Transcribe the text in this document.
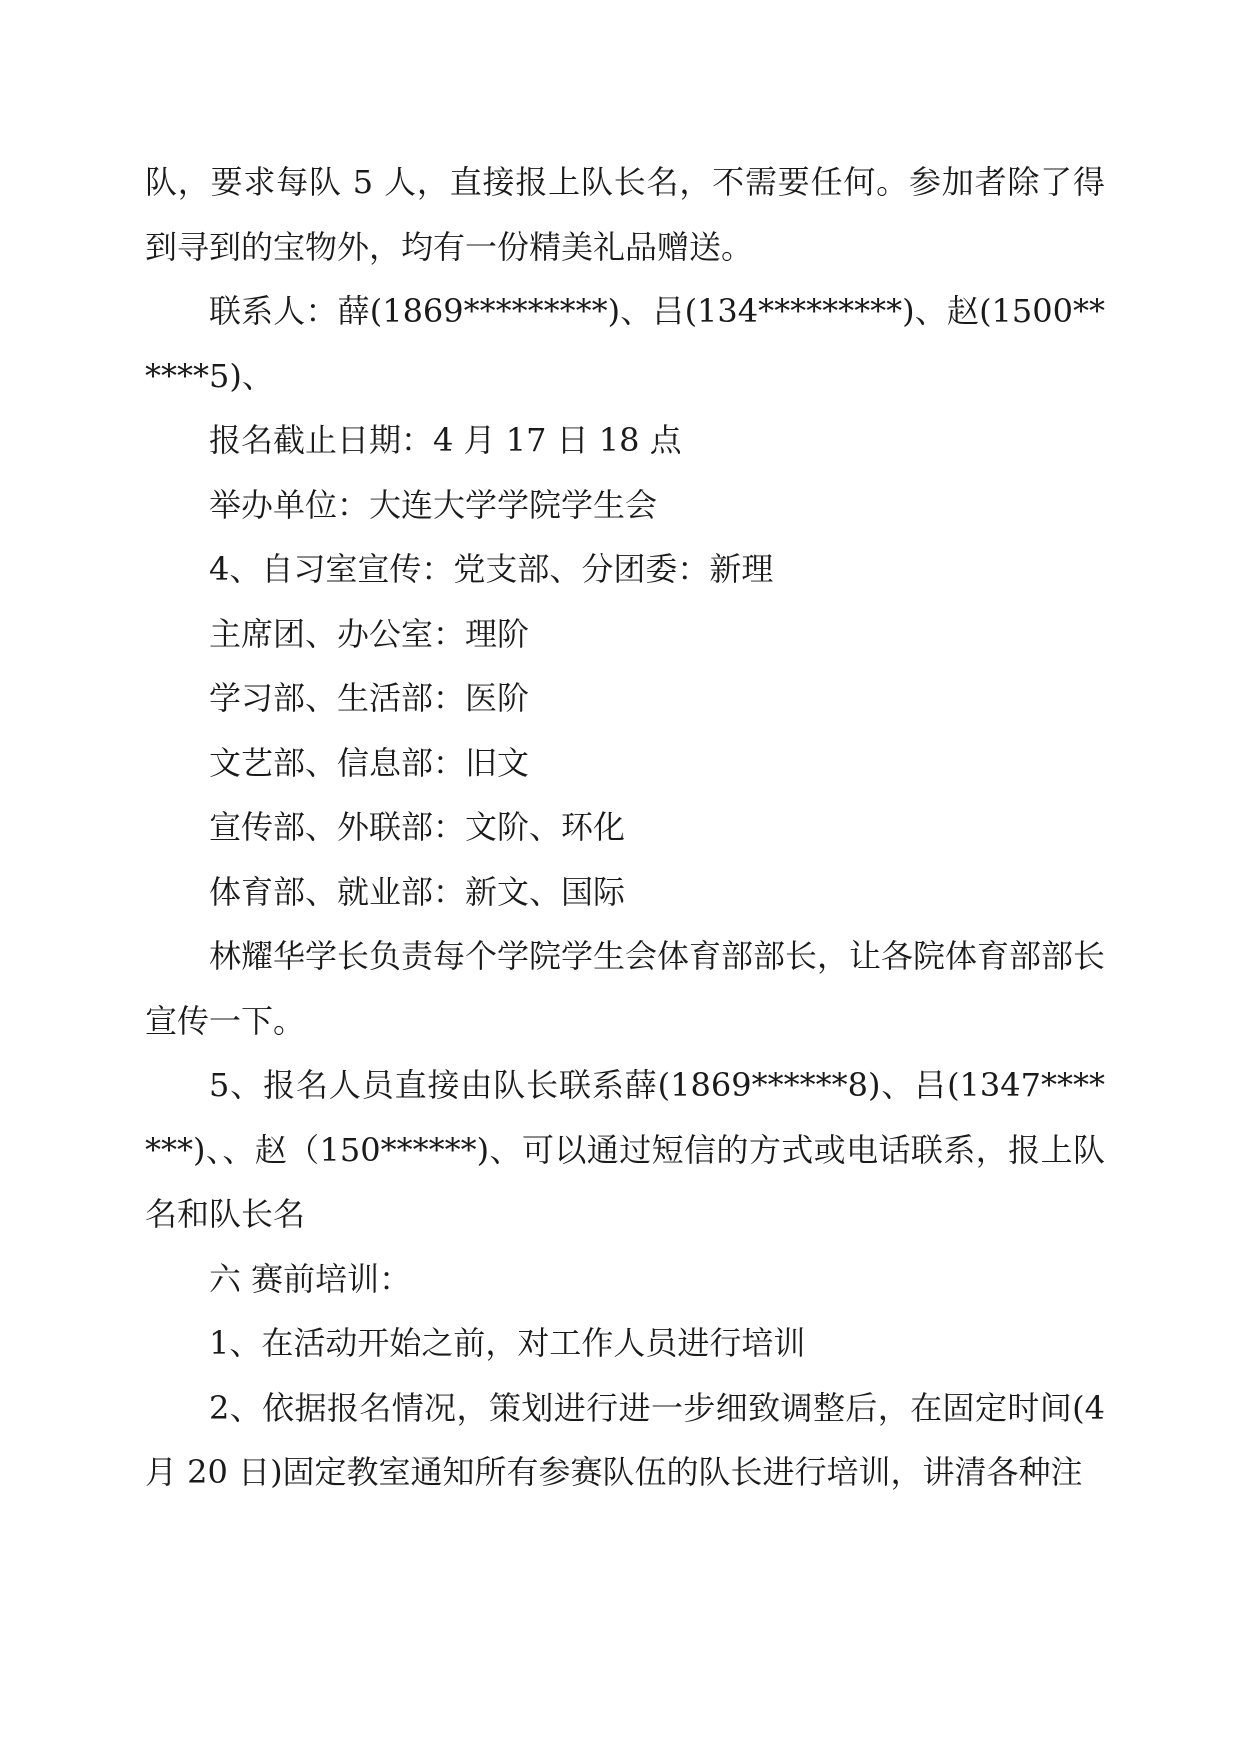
队，要求每队 5 人，直接报上队长名，不需要任何。参加者除了得到寻到的宝物外，均有一份精美礼品赠送。

联系人：薛(1869*********)、吕(134*********)、赵(1500******5)、

报名截止日期：4 月 17 日 18 点

举办单位：大连大学学院学生会

4、自习室宣传：党支部、分团委：新理

主席团、办公室：理阶

学习部、生活部：医阶

文艺部、信息部：旧文

宣传部、外联部：文阶、环化

体育部、就业部：新文、国际

林耀华学长负责每个学院学生会体育部部长，让各院体育部部长宣传一下。

5、报名人员直接由队长联系薛(1869******8)、吕(1347*******)、、赵（150******)、可以通过短信的方式或电话联系，报上队名和队长名

六 赛前培训：

1、在活动开始之前，对工作人员进行培训

2、依据报名情况，策划进行进一步细致调整后，在固定时间(4月 20 日)固定教室通知所有参赛队伍的队长进行培训，讲清各种注
